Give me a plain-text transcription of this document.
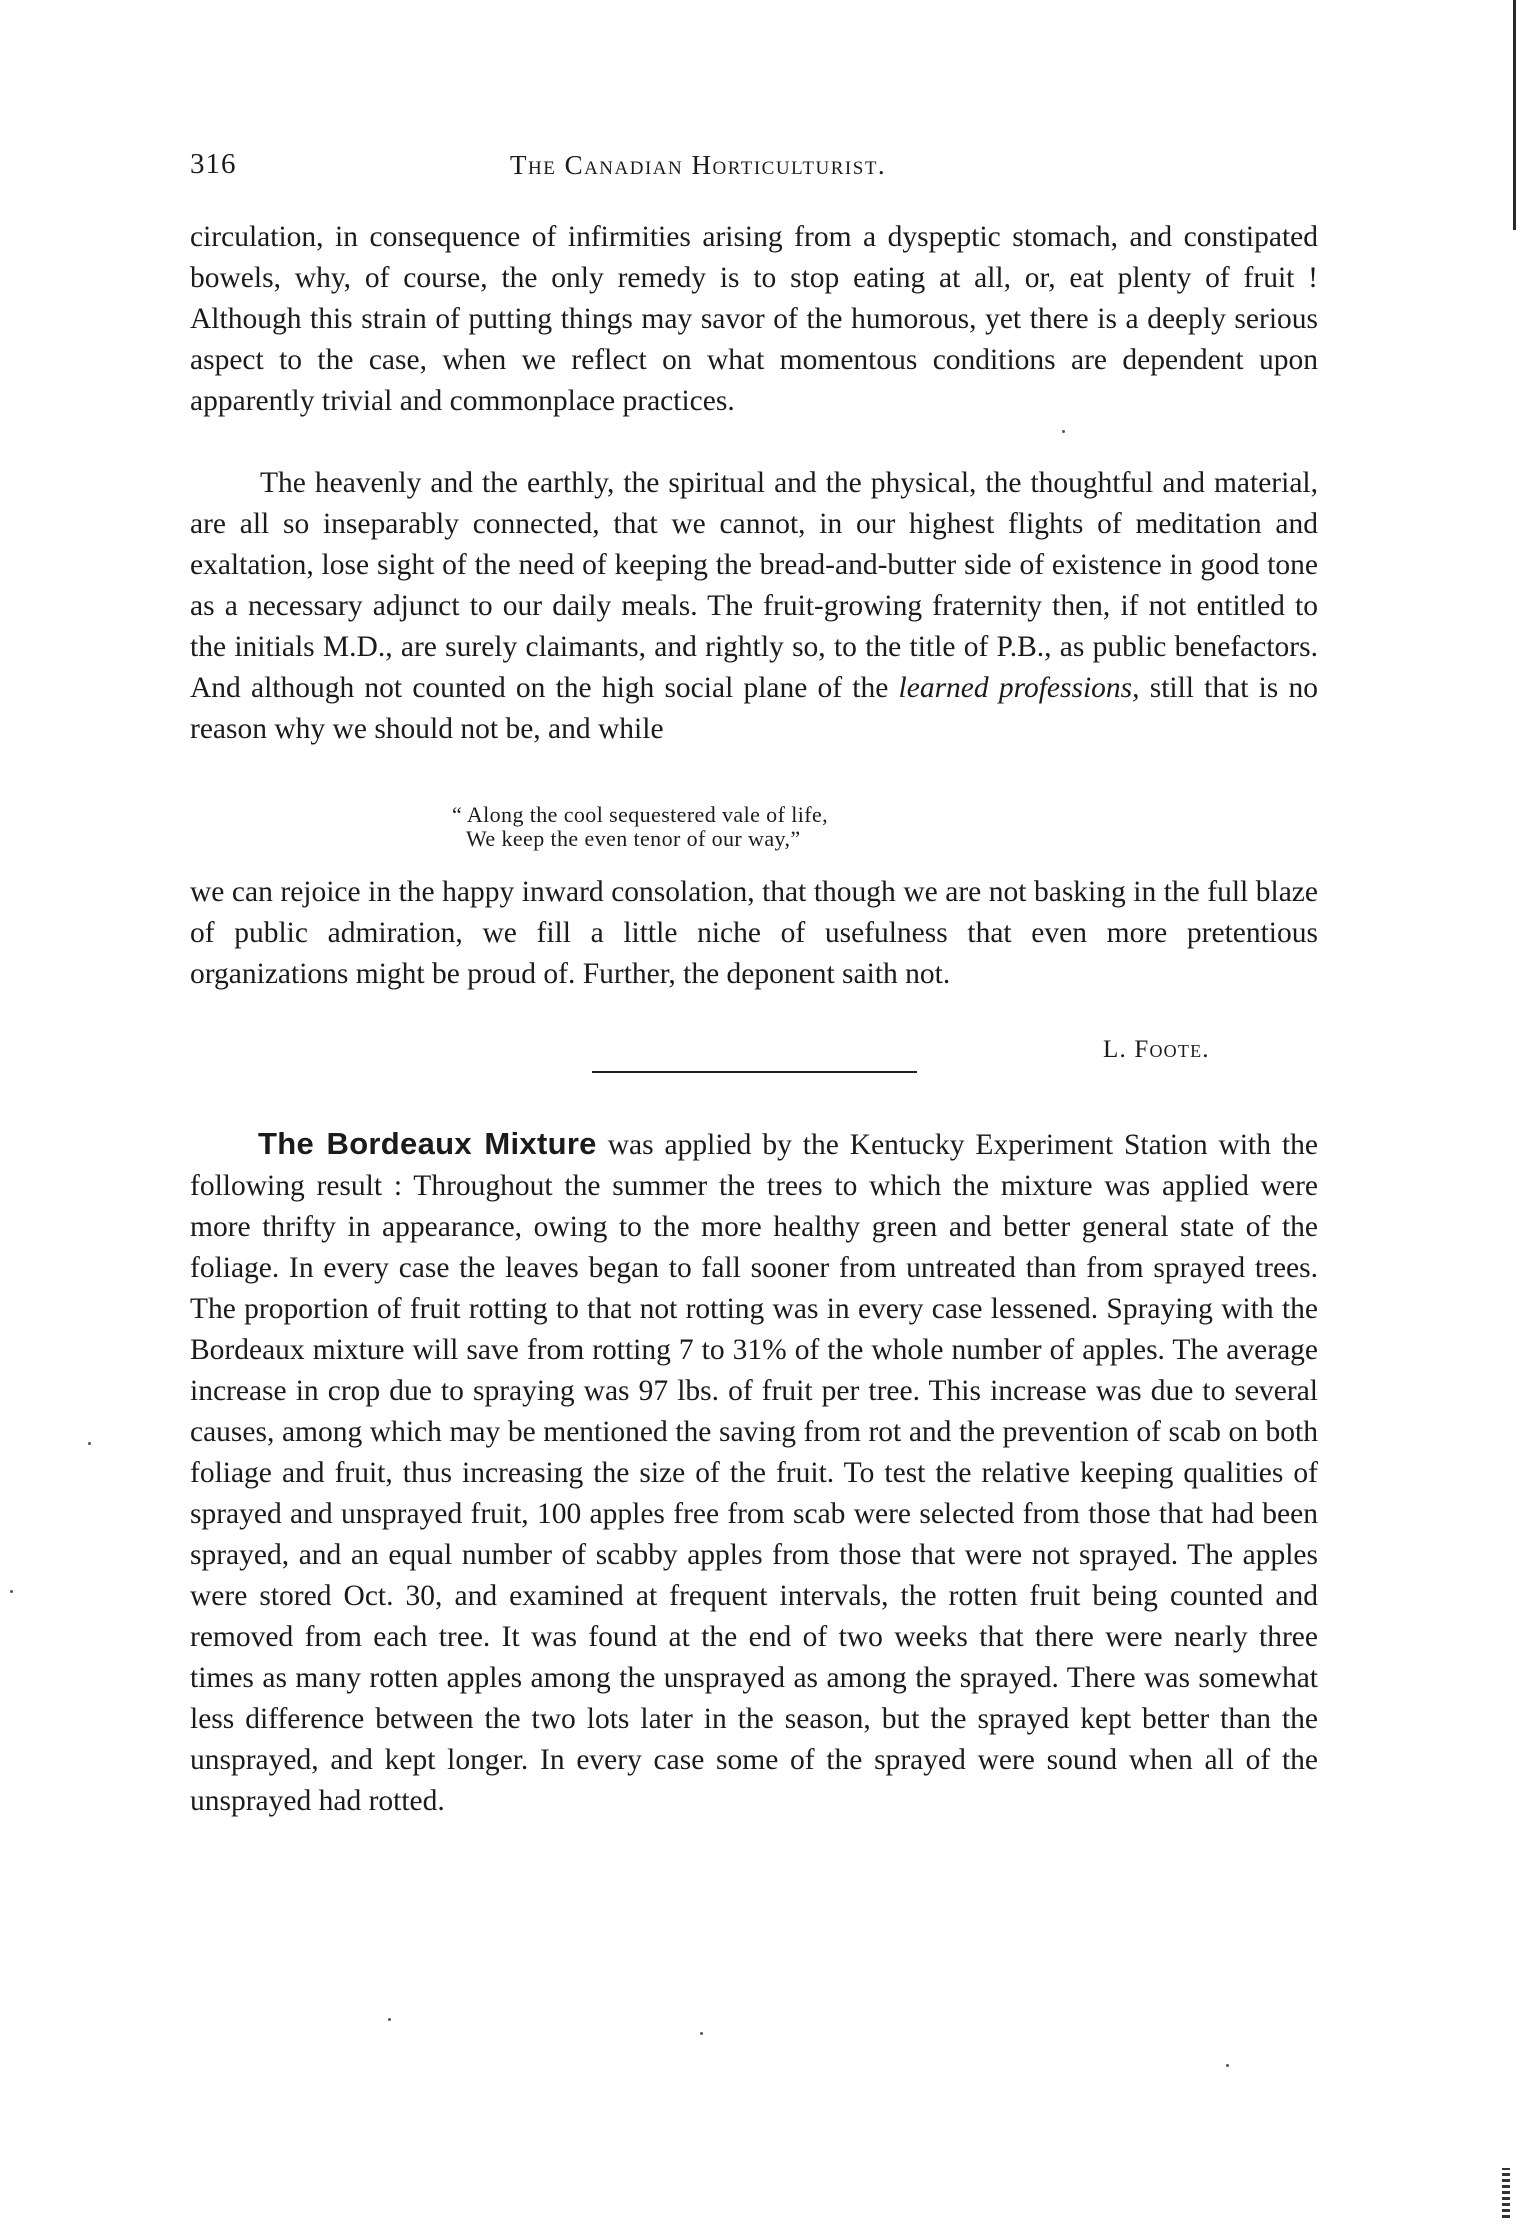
316	The Canadian Horticulturist.

circulation, in consequence of infirmities arising from a dyspeptic stomach, and constipated bowels, why, of course, the only remedy is to stop eating at all, or, eat plenty of fruit ! Although this strain of putting things may savor of the humorous, yet there is a deeply serious aspect to the case, when we reflect on what momentous conditions are dependent upon apparently trivial and commonplace practices.

The heavenly and the earthly, the spiritual and the physical, the thoughtful and material, are all so inseparably connected, that we cannot, in our highest flights of meditation and exaltation, lose sight of the need of keeping the bread-and-butter side of existence in good tone as a necessary adjunct to our daily meals. The fruit-growing fraternity then, if not entitled to the initials M.D., are surely claimants, and rightly so, to the title of P.B., as public benefactors. And although not counted on the high social plane of the learned professions, still that is no reason why we should not be, and while

“ Along the cool sequestered vale of life,
We keep the even tenor of our way,”

we can rejoice in the happy inward consolation, that though we are not basking in the full blaze of public admiration, we fill a little niche of usefulness that even more pretentious organizations might be proud of. Further, the deponent saith not.

L. Foote.

The Bordeaux Mixture was applied by the Kentucky Experiment Station with the following result : Throughout the summer the trees to which the mixture was applied were more thrifty in appearance, owing to the more healthy green and better general state of the foliage. In every case the leaves began to fall sooner from untreated than from sprayed trees. The proportion of fruit rotting to that not rotting was in every case lessened. Spraying with the Bordeaux mixture will save from rotting 7 to 31% of the whole number of apples. The average increase in crop due to spraying was 97 lbs. of fruit per tree. This increase was due to several causes, among which may be mentioned the saving from rot and the prevention of scab on both foliage and fruit, thus increasing the size of the fruit. To test the relative keeping qualities of sprayed and unsprayed fruit, 100 apples free from scab were selected from those that had been sprayed, and an equal number of scabby apples from those that were not sprayed. The apples were stored Oct. 30, and examined at frequent intervals, the rotten fruit being counted and removed from each tree. It was found at the end of two weeks that there were nearly three times as many rotten apples among the unsprayed as among the sprayed. There was somewhat less difference between the two lots later in the season, but the sprayed kept better than the unsprayed, and kept longer. In every case some of the sprayed were sound when all of the unsprayed had rotted.
